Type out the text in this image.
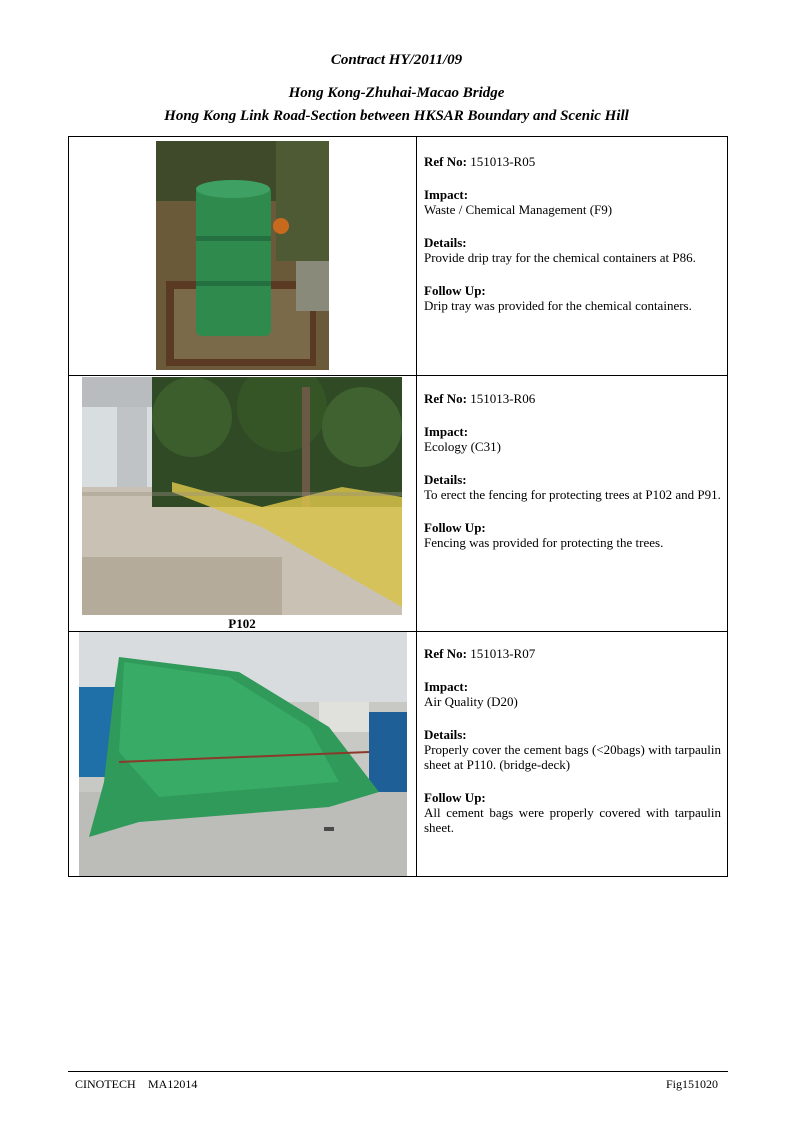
Contract HY/2011/09
Hong Kong-Zhuhai-Macao Bridge
Hong Kong Link Road-Section between HKSAR Boundary and Scenic Hill

Ref No: 151013-R05

Impact:

Waste / Chemical Management (F9)

Details:

Provide drip tray for the chemical containers at P86.

Follow Up:

Drip tray was provided for the chemical containers.

P102

Ref No: 151013-R06

Impact:

Ecology (C31)

Details:

To erect the fencing for protecting trees at P102 and P91.

Follow Up:

Fencing was provided for protecting the trees.

Ref No: 151013-R07

Impact:

Air Quality (D20)

Details:

Properly cover the cement bags (<20bags) with tarpaulin sheet at P110. (bridge-deck)

Follow Up:

All cement bags were properly covered with tarpaulin sheet.

CINOTECH MA12014	Fig151020
